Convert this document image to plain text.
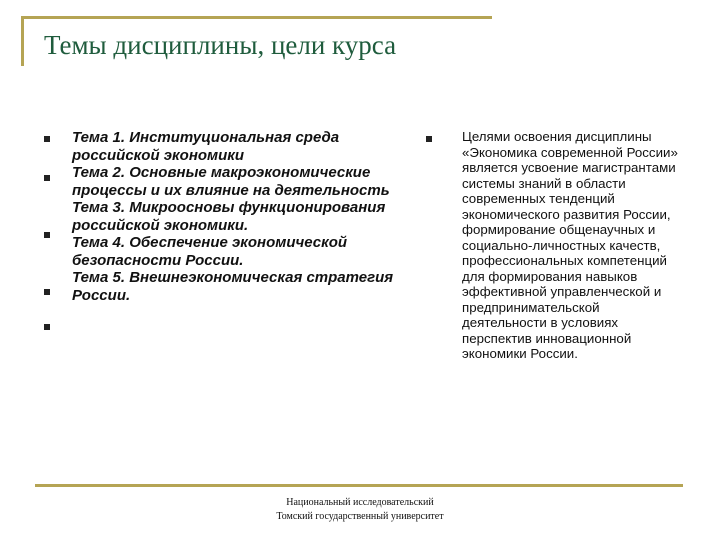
Темы дисциплины, цели курса

Тема 1. Институциональная среда российской экономики

Тема 2. Основные макроэкономические процессы и их влияние на деятельность

Тема 3. Микрооснoвы функционирования российской экономики.

Тема 4. Обеспечение экономической безопасности России.

Тема 5. Внешнеэкономическая стратегия России.

Целями освоения дисциплины «Экономика современной России» является усвоение магистрантами системы знаний в области современных тенденций экономического развития России, формирование общенаучных и социально-личностных качеств, профессиональных компетенций для формирования навыков эффективной управленческой и предпринимательской деятельности в условиях перспектив инновационной экономики России.
Национальный исследовательский
Томский государственный университет
